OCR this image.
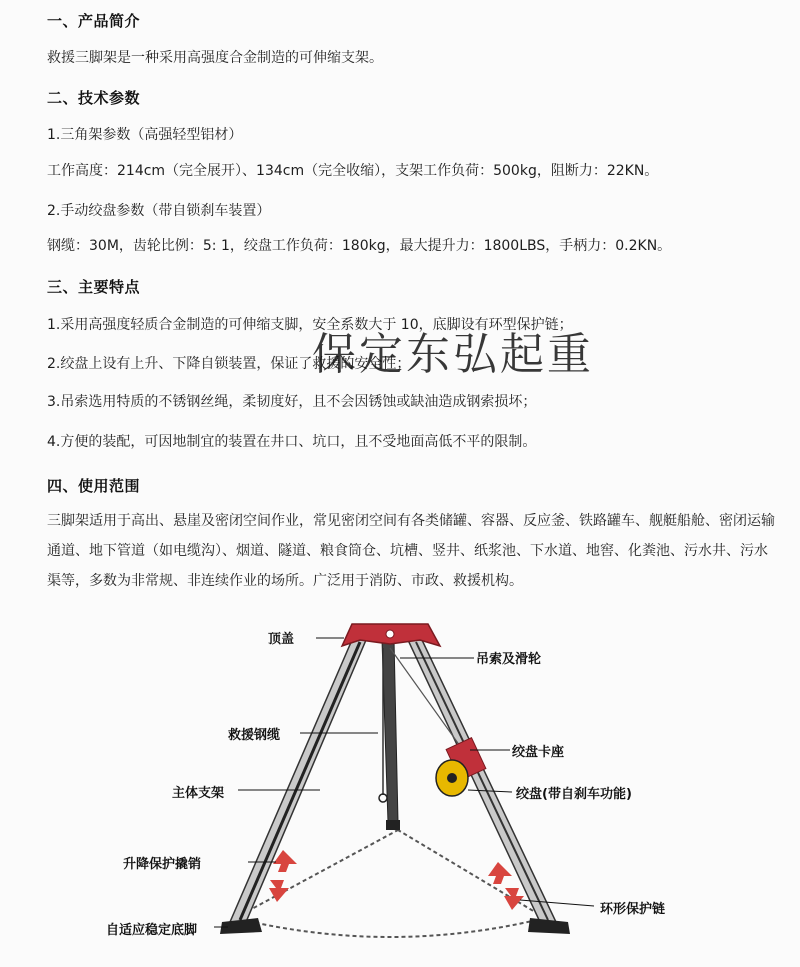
一、产品简介
救援三脚架是一种采用高强度合金制造的可伸缩支架。
二、技术参数
1.三角架参数（高强轻型铝材）
工作高度：214cm（完全展开）、134cm（完全收缩），支架工作负荷：500kg，阻断力：22KN。
2.手动绞盘参数（带自锁刹车装置）
钢缆：30M，齿轮比例：5: 1，绞盘工作负荷：180kg，最大提升力：1800LBS，手柄力：0.2KN。
三、主要特点
1.采用高强度轻质合金制造的可伸缩支脚，安全系数大于 10，底脚设有环型保护链；
2.绞盘上设有上升、下降自锁装置，保证了救援的安全性；
3.吊索选用特质的不锈钢丝绳，柔韧度好，且不会因锈蚀或缺油造成钢索损坏；
4.方便的装配，可因地制宜的装置在井口、坑口，且不受地面高低不平的限制。
四、使用范围
三脚架适用于高出、悬崖及密闭空间作业，常见密闭空间有各类储罐、容器、反应釜、铁路罐车、舰艇船舱、密闭运输通道、地下管道（如电缆沟）、烟道、隧道、粮食筒仓、坑槽、竖井、纸浆池、下水道、地窖、化粪池、污水井、污水渠等，多数为非常规、非连续作业的场所。广泛用于消防、市政、救援机构。
保定东弘起重
顶盖
吊索及滑轮
救援钢缆
绞盘卡座
主体支架	绞盘(带自刹车功能)
升降保护撬销
环形保护链
自适应稳定底脚
